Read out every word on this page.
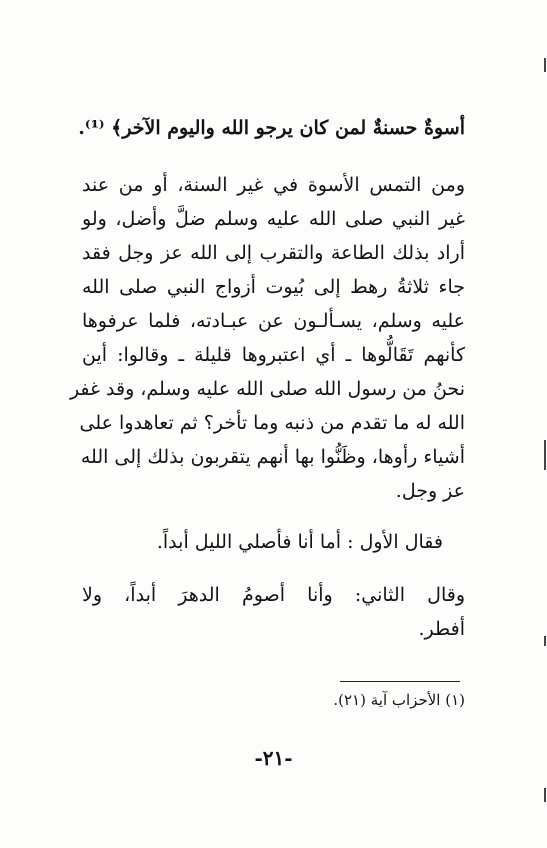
أسوةٌ حسنةٌ لمن كان يرجو الله واليوم الآخر﴾ ⁽¹⁾.
ومن التمس الأسوة في غير السنة، أو من عند
غير النبي صلى الله عليه وسلم ضلَّ وأضل، ولو
أراد بذلك الطاعة والتقرب إلى الله عز وجل فقد
جاء ثلاثةُ رهط إلى بُيوت أزواج النبي صلى الله
عليه وسلم، يسـألـون عن عبـادته، فلما عرفوها
كأنهم تَقَالُّوها ـ أي اعتبروها قليلة ـ وقالوا: أين
نحنُ من رسول الله صلى الله عليه وسلم، وقد غفر
الله له ما تقدم من ذنبه وما تأخر؟ ثم تعاهدوا على
أشياء رأوها، وظَنُّوا بها أنهم يتقربون بذلك إلى الله
عز وجل.
فقال الأول : أما أنا فأصلي الليل أبداً.
وقال الثاني: وأنا أصومُ الدهرَ أبداً، ولا
أفطر.
(١) الأحزاب آية (٢١).
-٢١-
